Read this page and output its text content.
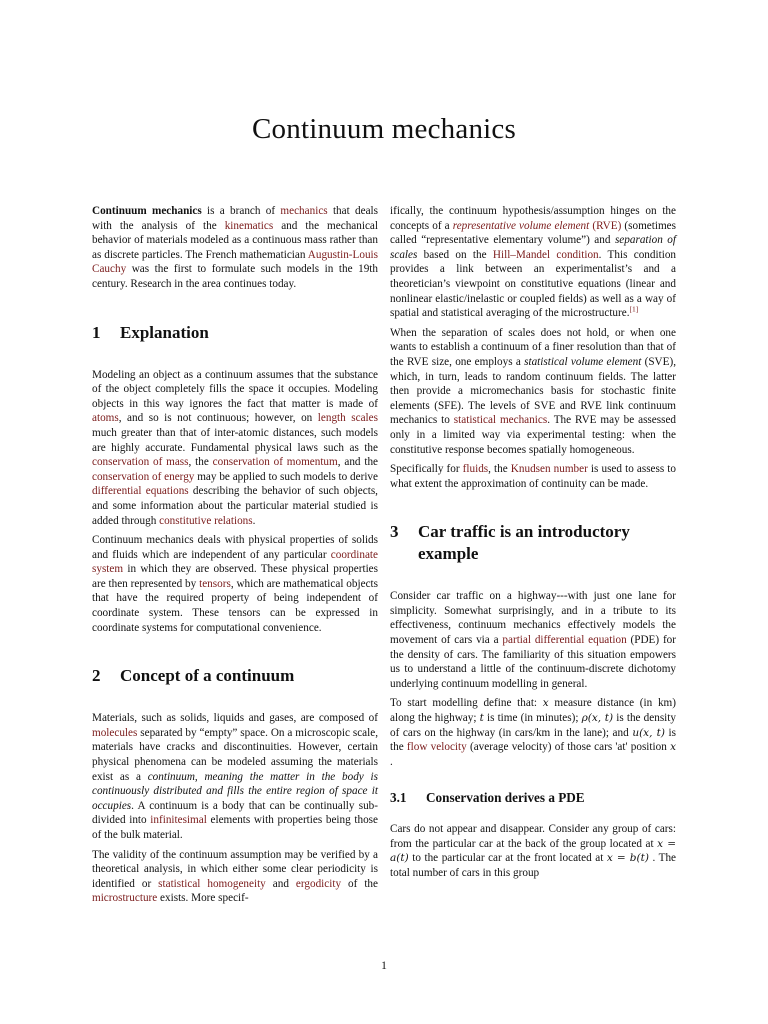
Continuum mechanics

Continuum mechanics is a branch of mechanics that deals with the analysis of the kinematics and the mechanical behavior of materials modeled as a continuous mass rather than as discrete particles. The French mathematician Augustin-Louis Cauchy was the first to formulate such models in the 19th century. Research in the area continues today.

1	Explanation

Modeling an object as a continuum assumes that the substance of the object completely fills the space it occupies. Modeling objects in this way ignores the fact that matter is made of atoms, and so is not continuous; however, on length scales much greater than that of inter-atomic distances, such models are highly accurate. Fundamental physical laws such as the conservation of mass, the conservation of momentum, and the conservation of energy may be applied to such models to derive differential equations describing the behavior of such objects, and some information about the particular material studied is added through constitutive relations.

Continuum mechanics deals with physical properties of solids and fluids which are independent of any particular coordinate system in which they are observed. These physical properties are then represented by tensors, which are mathematical objects that have the required property of being independent of coordinate system. These tensors can be expressed in coordinate systems for computational convenience.

2	Concept of a continuum

Materials, such as solids, liquids and gases, are composed of molecules separated by “empty” space. On a microscopic scale, materials have cracks and discontinuities. However, certain physical phenomena can be modeled assuming the materials exist as a continuum, meaning the matter in the body is continuously distributed and fills the entire region of space it occupies. A continuum is a body that can be continually sub-divided into infinitesimal elements with properties being those of the bulk material.

The validity of the continuum assumption may be verified by a theoretical analysis, in which either some clear periodicity is identified or statistical homogeneity and ergodicity of the microstructure exists. More specif-

ifically, the continuum hypothesis/assumption hinges on the concepts of a representative volume element (RVE) (sometimes called “representative elementary volume”) and separation of scales based on the Hill–Mandel condition. This condition provides a link between an experimentalist’s and a theoretician’s viewpoint on constitutive equations (linear and nonlinear elastic/inelastic or coupled fields) as well as a way of spatial and statistical averaging of the microstructure.[1]

When the separation of scales does not hold, or when one wants to establish a continuum of a finer resolution than that of the RVE size, one employs a statistical volume element (SVE), which, in turn, leads to random continuum fields. The latter then provide a micromechanics basis for stochastic finite elements (SFE). The levels of SVE and RVE link continuum mechanics to statistical mechanics. The RVE may be assessed only in a limited way via experimental testing: when the constitutive response becomes spatially homogeneous.

Specifically for fluids, the Knudsen number is used to assess to what extent the approximation of continuity can be made.

3	Car traffic is an introductory example

Consider car traffic on a highway---with just one lane for simplicity. Somewhat surprisingly, and in a tribute to its effectiveness, continuum mechanics effectively models the movement of cars via a partial differential equation (PDE) for the density of cars. The familiarity of this situation empowers us to understand a little of the continuum-discrete dichotomy underlying continuum modelling in general.

To start modelling define that: x measure distance (in km) along the highway; t is time (in minutes); ρ(x, t) is the density of cars on the highway (in cars/km in the lane); and u(x, t) is the flow velocity (average velocity) of those cars 'at' position x .

3.1	Conservation derives a PDE

Cars do not appear and disappear. Consider any group of cars: from the particular car at the back of the group located at x = a(t) to the particular car at the front located at x = b(t) . The total number of cars in this group

1
